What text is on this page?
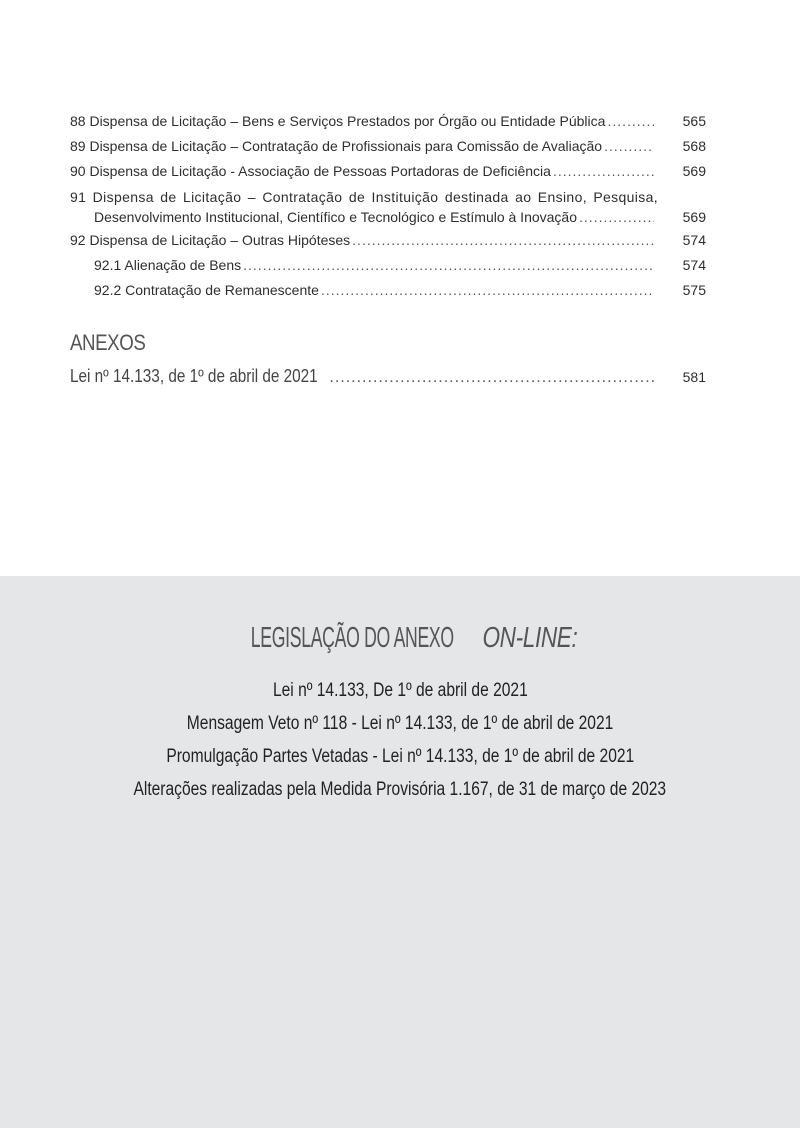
88 Dispensa de Licitação – Bens e Serviços Prestados por Órgão ou Entidade Pública .....	565
89 Dispensa de Licitação – Contratação de Profissionais para Comissão de Avaliação .....	568
90 Dispensa de Licitação - Associação de Pessoas Portadoras de Deficiência .....	569
91 Dispensa de Licitação – Contratação de Instituição destinada ao Ensino, Pesquisa,
Desenvolvimento Institucional, Científico e Tecnológico e Estímulo à Inovação .....	569
92 Dispensa de Licitação – Outras Hipóteses .....	574
92.1 Alienação de Bens .....	574
92.2 Contratação de Remanescente .....	575
ANEXOS
Lei nº 14.133, de 1º de abril de 2021 .....	581
LEGISLAÇÃO DO ANEXOON-LINE:
Lei nº 14.133, De 1º de abril de 2021
Mensagem Veto nº 118 - Lei nº 14.133, de 1º de abril de 2021
Promulgação Partes Vetadas - Lei nº 14.133, de 1º de abril de 2021
Alterações realizadas pela Medida Provisória 1.167, de 31 de março de 2023
